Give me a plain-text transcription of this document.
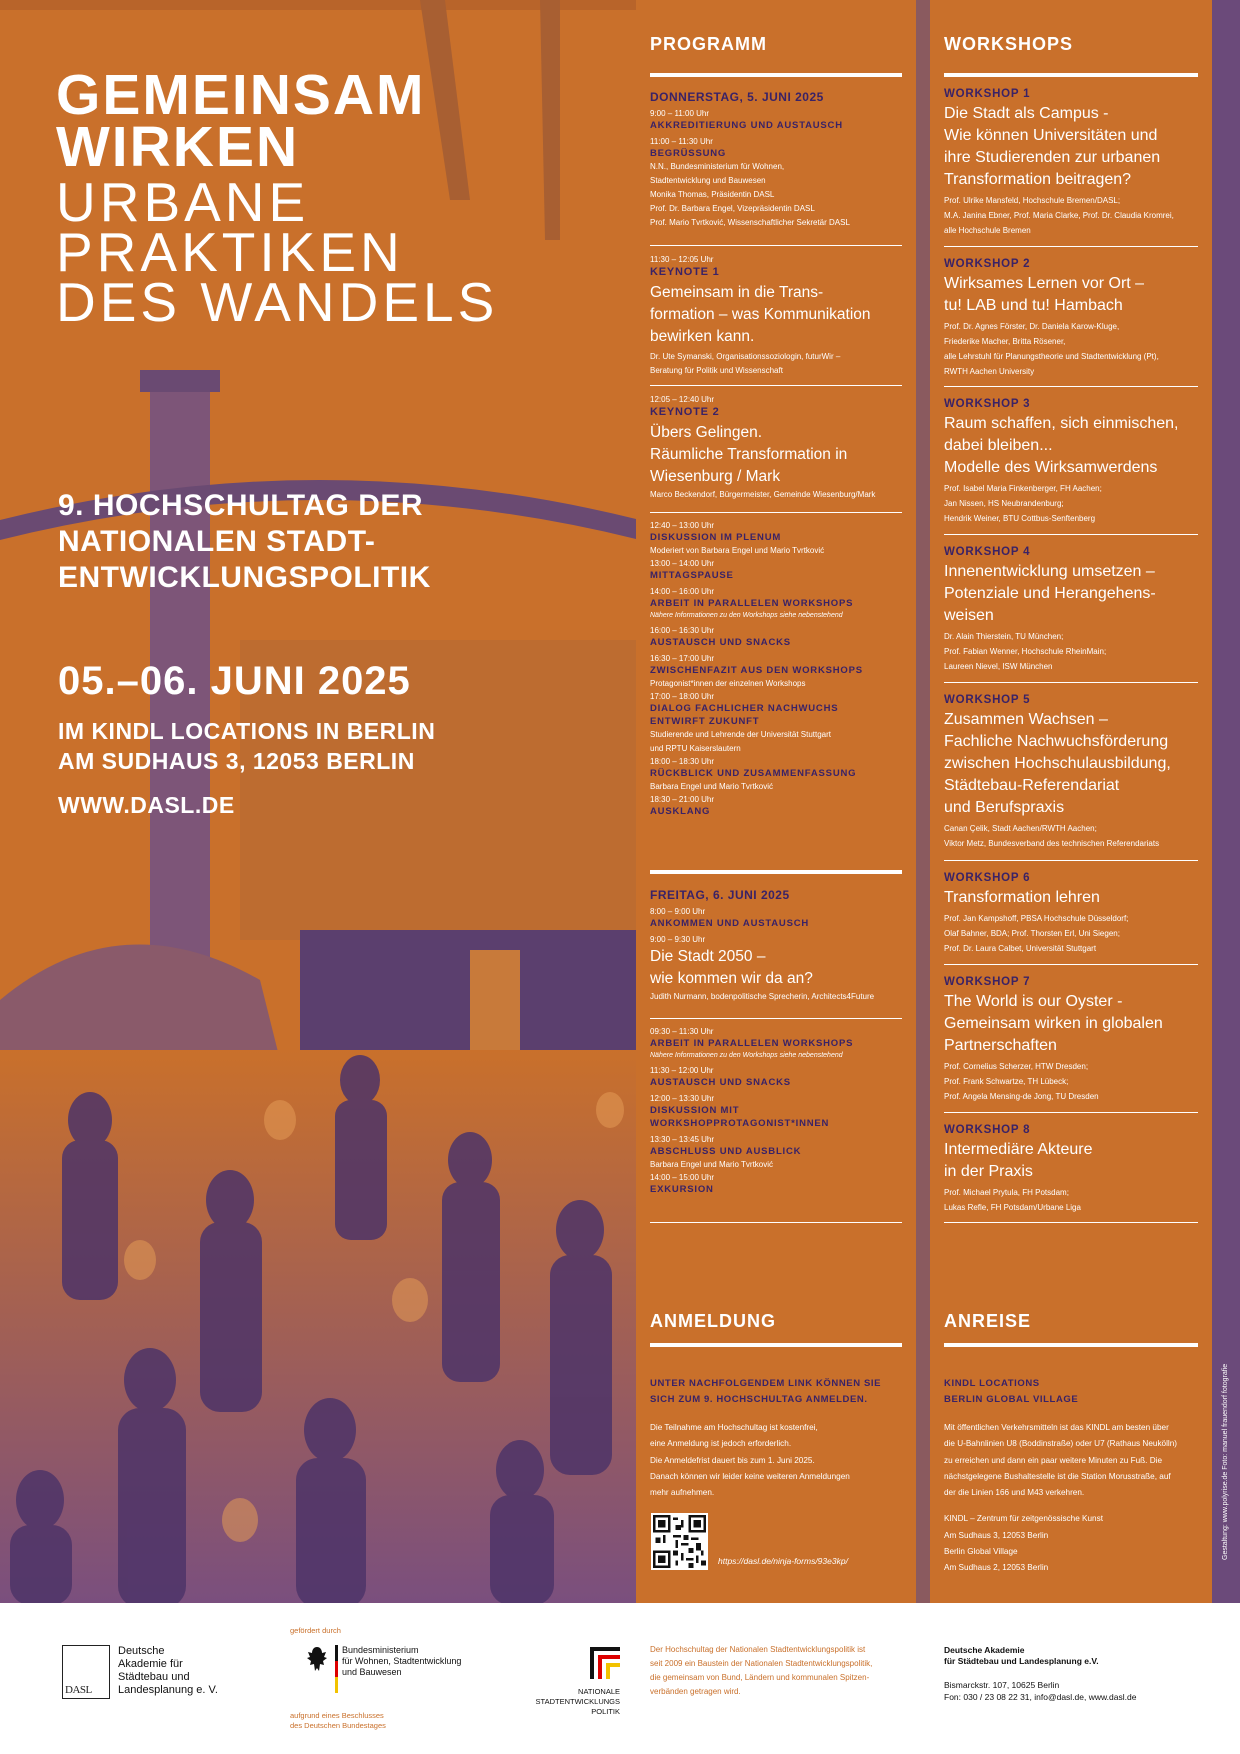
GEMEINSAM
WIRKEN
URBANE
PRAKTIKEN
DES WANDELS
9. HOCHSCHULTAG DER
NATIONALEN STADT-
ENTWICKLUNGSPOLITIK
05.–06. JUNI 2025
IM KINDL LOCATIONS IN BERLIN
AM SUDHAUS 3, 12053 BERLIN
WWW.DASL.DE
PROGRAMM
DONNERSTAG, 5. JUNI 2025
9:00 – 11:00 Uhr
AKKREDITIERUNG UND AUSTAUSCH
11:00 – 11:30 Uhr
BEGRÜSSUNG
N.N., Bundesministerium für Wohnen,
Stadtentwicklung und Bauwesen
Monika Thomas, Präsidentin DASL
Prof. Dr. Barbara Engel, Vizepräsidentin DASL
Prof. Mario Tvrtković, Wissenschaftlicher Sekretär DASL
11:30 – 12:05 Uhr
KEYNOTE 1
Gemeinsam in die Trans-
formation – was Kommunikation
bewirken kann.
Dr. Ute Symanski, Organisationssoziologin, futurWir –
Beratung für Politik und Wissenschaft
12:05 – 12:40 Uhr
KEYNOTE 2
Übers Gelingen.
Räumliche Transformation in
Wiesenburg / Mark
Marco Beckendorf, Bürgermeister, Gemeinde Wiesenburg/Mark
12:40 – 13:00 Uhr
DISKUSSION IM PLENUM
Moderiert von Barbara Engel und Mario Tvrtković
13:00 – 14:00 Uhr
MITTAGSPAUSE
14:00 – 16:00 Uhr
ARBEIT IN PARALLELEN WORKSHOPS
Nähere Informationen zu den Workshops siehe nebenstehend
16:00 – 16:30 Uhr
AUSTAUSCH UND SNACKS
16:30 – 17:00 Uhr
ZWISCHENFAZIT AUS DEN WORKSHOPS
Protagonist*innen der einzelnen Workshops
17:00 – 18:00 Uhr
DIALOG FACHLICHER NACHWUCHS
ENTWIRFT ZUKUNFT
Studierende und Lehrende der Universität Stuttgart
und RPTU Kaiserslautern
18:00 – 18:30 Uhr
RÜCKBLICK UND ZUSAMMENFASSUNG
Barbara Engel und Mario Tvrtković
18:30 – 21:00 Uhr
AUSKLANG
FREITAG, 6. JUNI 2025
8:00 – 9:00 Uhr
ANKOMMEN UND AUSTAUSCH
9:00 – 9:30 Uhr
Die Stadt 2050 –
wie kommen wir da an?
Judith Nurmann, bodenpolitische Sprecherin, Architects4Future
09:30 – 11:30 Uhr
ARBEIT IN PARALLELEN WORKSHOPS
Nähere Informationen zu den Workshops siehe nebenstehend
11:30 – 12:00 Uhr
AUSTAUSCH UND SNACKS
12:00 – 13:30 Uhr
DISKUSSION MIT
WORKSHOPPROTAGONIST*INNEN
13:30 – 13:45 Uhr
ABSCHLUSS UND AUSBLICK
Barbara Engel und Mario Tvrtković
14:00 – 15:00 Uhr
EXKURSION
ANMELDUNG
UNTER NACHFOLGENDEM LINK KÖNNEN SIE
SICH ZUM 9. HOCHSCHULTAG ANMELDEN.
Die Teilnahme am Hochschultag ist kostenfrei,
eine Anmeldung ist jedoch erforderlich.
Die Anmeldefrist dauert bis zum 1. Juni 2025.
Danach können wir leider keine weiteren Anmeldungen
mehr aufnehmen.
https://dasl.de/ninja-forms/93e3kp/
WORKSHOPS
WORKSHOP 1
Die Stadt als Campus -
Wie können Universitäten und
ihre Studierenden zur urbanen
Transformation beitragen?
Prof. Ulrike Mansfeld, Hochschule Bremen/DASL;
M.A. Janina Ebner, Prof. Maria Clarke, Prof. Dr. Claudia Kromrei,
alle Hochschule Bremen
WORKSHOP 2
Wirksames Lernen vor Ort –
tu! LAB und tu! Hambach
Prof. Dr. Agnes Förster, Dr. Daniela Karow-Kluge,
Friederike Macher, Britta Rösener,
alle Lehrstuhl für Planungstheorie und Stadtentwicklung (Pt),
RWTH Aachen University
WORKSHOP 3
Raum schaffen, sich einmischen,
dabei bleiben...
Modelle des Wirksamwerdens
Prof. Isabel Maria Finkenberger, FH Aachen;
Jan Nissen, HS Neubrandenburg;
Hendrik Weiner, BTU Cottbus-Senftenberg
WORKSHOP 4
Innenentwicklung umsetzen –
Potenziale und Herangehens-
weisen
Dr. Alain Thierstein, TU München;
Prof. Fabian Wenner, Hochschule RheinMain;
Laureen Nievel, ISW München
WORKSHOP 5
Zusammen Wachsen –
Fachliche Nachwuchsförderung
zwischen Hochschulausbildung,
Städtebau-Referendariat
und Berufspraxis
Canan Çelik, Stadt Aachen/RWTH Aachen;
Viktor Metz, Bundesverband des technischen Referendariats
WORKSHOP 6
Transformation lehren
Prof. Jan Kampshoff, PBSA Hochschule Düsseldorf;
Olaf Bahner, BDA; Prof. Thorsten Erl, Uni Siegen;
Prof. Dr. Laura Calbet, Universität Stuttgart
WORKSHOP 7
The World is our Oyster -
Gemeinsam wirken in globalen
Partnerschaften
Prof. Cornelius Scherzer, HTW Dresden;
Prof. Frank Schwartze, TH Lübeck;
Prof. Angela Mensing-de Jong, TU Dresden
WORKSHOP 8
Intermediäre Akteure
in der Praxis
Prof. Michael Prytula, FH Potsdam;
Lukas Refle, FH Potsdam/Urbane Liga
ANREISE
KINDL LOCATIONS
BERLIN GLOBAL VILLAGE
Mit öffentlichen Verkehrsmitteln ist das KINDL am besten über
die U-Bahnlinien U8 (Boddinstraße) oder U7 (Rathaus Neukölln)
zu erreichen und dann ein paar weitere Minuten zu Fuß. Die
nächstgelegene Bushaltestelle ist die Station Morusstraße, auf
der die Linien 166 und M43 verkehren.
KINDL – Zentrum für zeitgenössische Kunst
Am Sudhaus 3, 12053 Berlin
Berlin Global Village
Am Sudhaus 2, 12053 Berlin
Gestaltung: www.polyrise.de Foto: manuel frauendorf fotografie
DASL
Deutsche
Akademie für
Städtebau und
Landesplanung e. V.
gefördert durch
Bundesministerium
für Wohnen, Stadtentwicklung
und Bauwesen
aufgrund eines Beschlusses
des Deutschen Bundestages
NATIONALE
STADTENTWICKLUNGS
POLITIK
Der Hochschultag der Nationalen Stadtentwicklungspolitik ist
seit 2009 ein Baustein der Nationalen Stadtentwicklungspolitik,
die gemeinsam von Bund, Ländern und kommunalen Spitzen-
verbänden getragen wird.
Deutsche Akademie
für Städtebau und Landesplanung e.V.
Bismarckstr. 107, 10625 Berlin
Fon: 030 / 23 08 22 31, info@dasl.de, www.dasl.de
